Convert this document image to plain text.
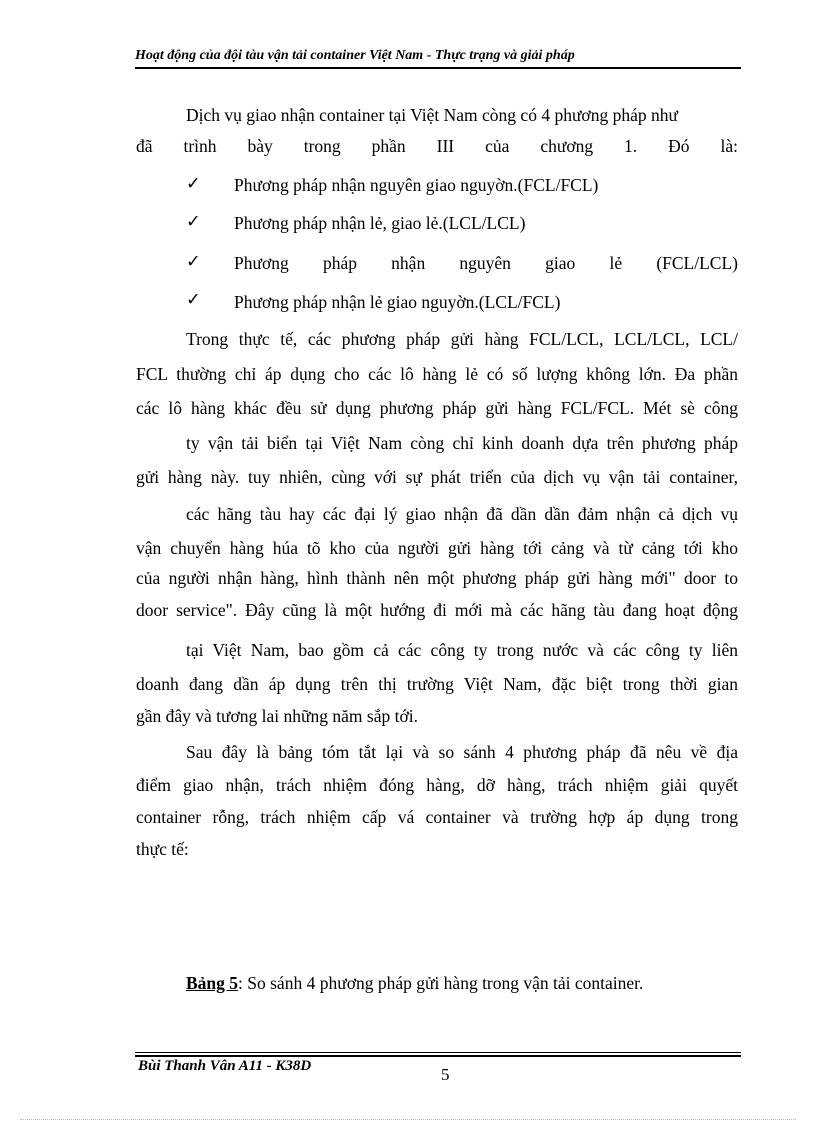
Hoạt động của đội tàu vận tải container Việt Nam - Thực trạng và giải pháp
Dịch vụ giao nhận container tại Việt Nam còng có 4 phương pháp như
đã trình bày trong phần III của chương 1. Đó là:
✓ Phương pháp nhận nguyên giao nguyờn.(FCL/FCL)
✓ Phương pháp nhận lẻ, giao lẻ.(LCL/LCL)
✓ Phương pháp nhận nguyên giao lẻ (FCL/LCL)
✓ Phương pháp nhận lẻ giao nguyờn.(LCL/FCL)
Trong thực tế, các phương pháp gửi hàng FCL/LCL, LCL/LCL, LCL/
FCL thường chỉ áp dụng cho các lô hàng lẻ có số lượng không lớn. Đa phần
các lô hàng khác đều sử dụng phương pháp gửi hàng FCL/FCL. Mét sè công
ty vận tải biển tại Việt Nam còng chỉ kinh doanh dựa trên phương pháp
gửi hàng này. tuy nhiên, cùng với sự phát triển của dịch vụ vận tải container,
các hãng tàu hay các đại lý giao nhận đã dần dần đảm nhận cả dịch vụ
vận chuyển hàng húa tõ kho của người gửi hàng tới cảng và từ cảng tới kho
của người nhận hàng, hình thành nên một phương pháp gửi hàng mới" door to
door service". Đây cũng là một hướng đi mới mà các hãng tàu đang hoạt động
tại Việt Nam, bao gồm cả các công ty trong nước và các công ty liên
doanh đang dần áp dụng trên thị trường Việt Nam, đặc biệt trong thời gian
gần đây và tương lai những năm sắp tới.
Sau đây là bảng tóm tắt lại và so sánh 4 phương pháp đã nêu về địa
điểm giao nhận, trách nhiệm đóng hàng, dỡ hàng, trách nhiệm giải quyết
container rỗng, trách nhiệm cấp vá container và trường hợp áp dụng trong
thực tế:
Bảng 5: So sánh 4 phương pháp gửi hàng trong vận tải container.
Bùi Thanh Vân A11 - K38D	5
